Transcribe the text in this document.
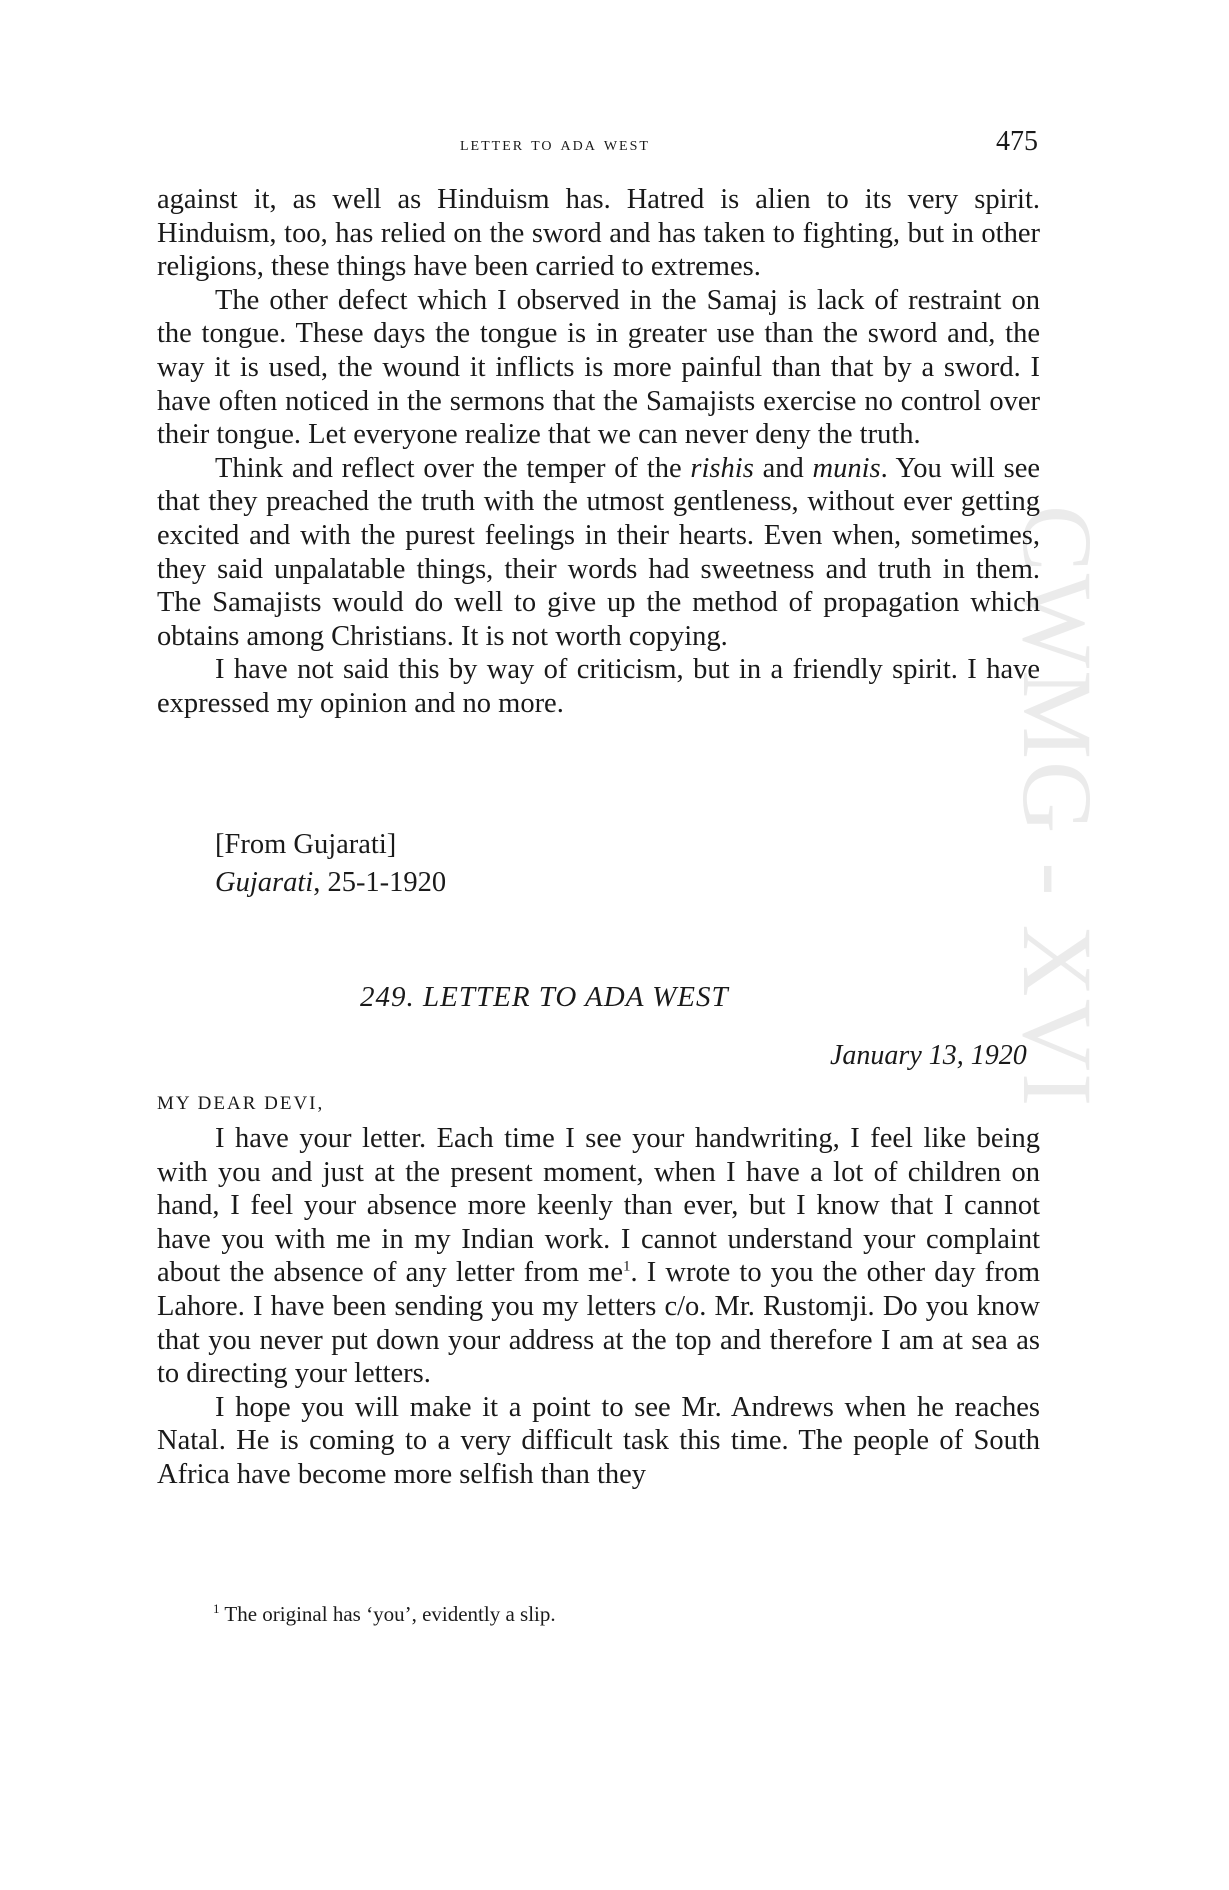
CWMG - XVI
letter to ada west	475

against it, as well as Hinduism has. Hatred is alien to its very spirit. Hinduism, too, has relied on the sword and has taken to fighting, but in other religions, these things have been carried to extremes.

The other defect which I observed in the Samaj is lack of restraint on the tongue. These days the tongue is in greater use than the sword and, the way it is used, the wound it inflicts is more painful than that by a sword. I have often noticed in the sermons that the Samajists exercise no control over their tongue. Let everyone realize that we can never deny the truth.

Think and reflect over the temper of the rishis and munis. You will see that they preached the truth with the utmost gentleness, without ever getting excited and with the purest feelings in their hearts. Even when, sometimes, they said unpalatable things, their words had sweetness and truth in them. The Samajists would do well to give up the method of propagation which obtains among Christians. It is not worth copying.

I have not said this by way of criticism, but in a friendly spirit. I have expressed my opinion and no more.

[From Gujarati]
Gujarati, 25-1-1920
249. LETTER TO ADA WEST
January 13, 1920
MY DEAR DEVI,

I have your letter. Each time I see your handwriting, I feel like being with you and just at the present moment, when I have a lot of children on hand, I feel your absence more keenly than ever, but I know that I cannot have you with me in my Indian work. I cannot understand your complaint about the absence of any letter from $me^1$. I wrote to you the other day from Lahore. I have been sending you my letters c/o. Mr. Rustomji. Do you know that you never put down your address at the top and therefore I am at sea as to directing your letters.

I hope you will make it a point to see Mr. Andrews when he reaches Natal. He is coming to a very difficult task this time. The people of South Africa have become more selfish than they

$^1$ The original has ‘you’, evidently a slip.
